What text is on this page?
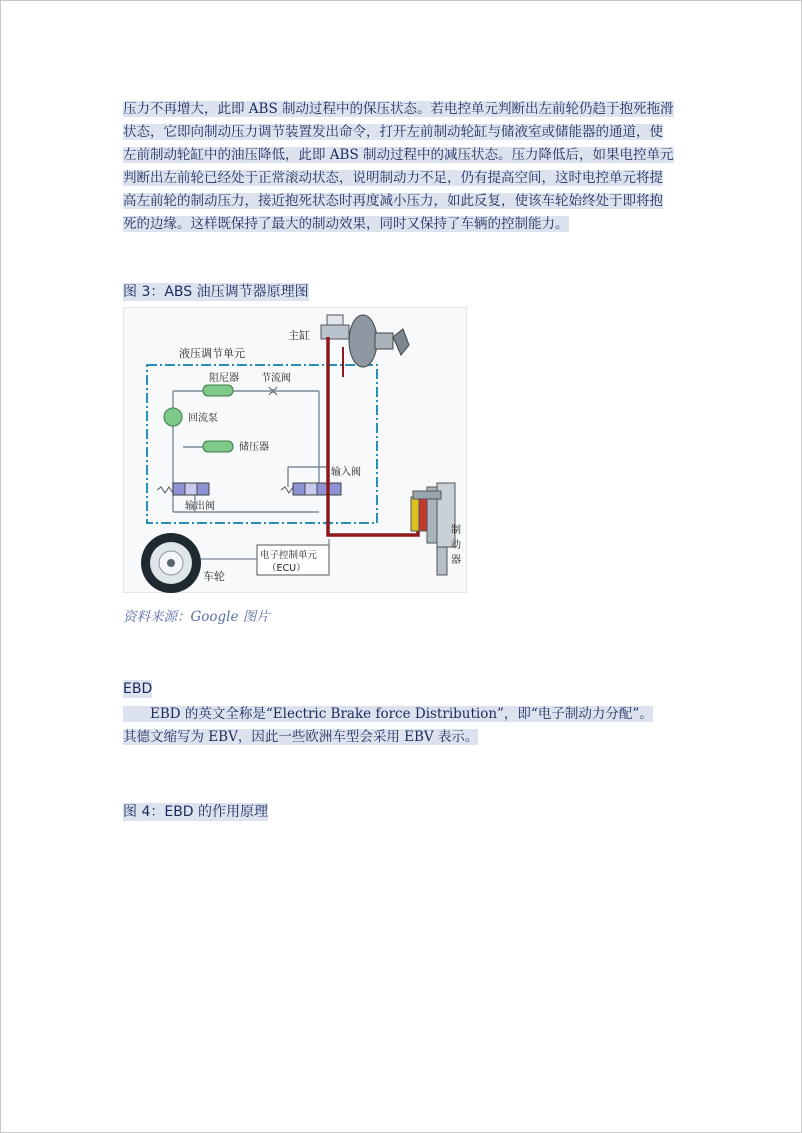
压力不再增大，此即 ABS 制动过程中的保压状态。若电控单元判断出左前轮仍趋于抱死拖滑
状态，它即向制动压力调节装置发出命令，打开左前制动轮缸与储液室或储能器的通道，使
左前制动轮缸中的油压降低，此即 ABS 制动过程中的减压状态。压力降低后，如果电控单元
判断出左前轮已经处于正常滚动状态，说明制动力不足，仍有提高空间，这时电控单元将提
高左前轮的制动压力，接近抱死状态时再度减小压力，如此反复，使该车轮始终处于即将抱
死的边缘。这样既保持了最大的制动效果，同时又保持了车辆的控制能力。
图 3：ABS 油压调节器原理图
液压调节单元
阻尼器 节流阀
回流泵
储压器
输出阀
输入阀
主缸
制
动
器
电子控制单元
（ECU）
车轮
资料来源：Google 图片
EBD
　　EBD 的英文全称是“Electric Brake force Distribution”，即“电子制动力分配”。
其德文缩写为 EBV，因此一些欧洲车型会采用 EBV 表示。
图 4：EBD 的作用原理
